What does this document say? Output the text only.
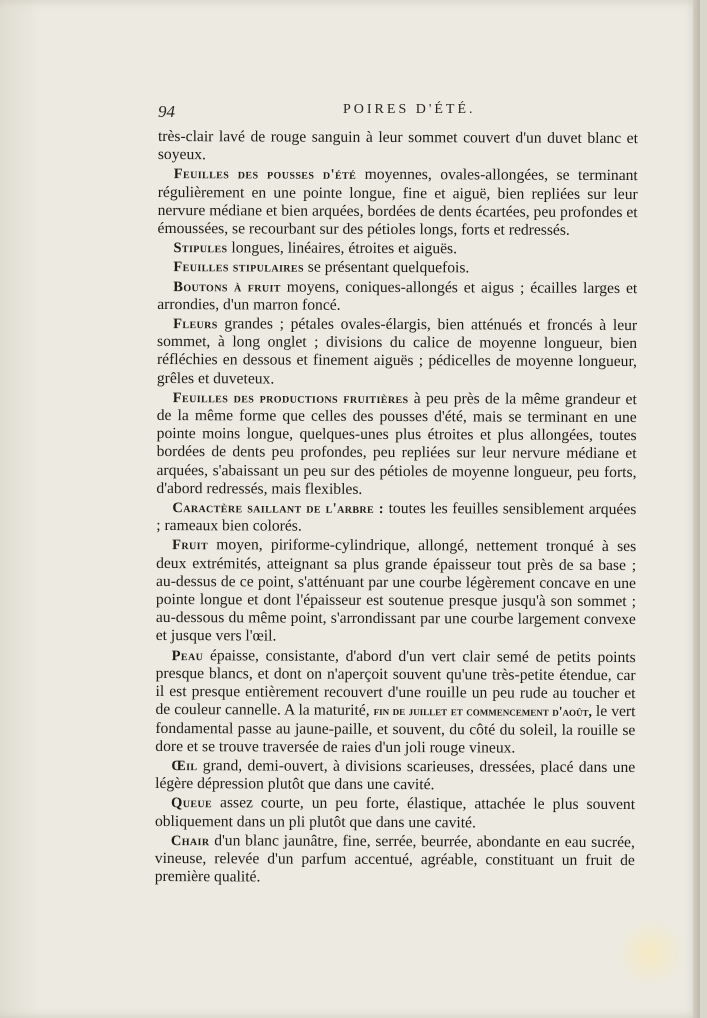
94	POIRES D'ÉTÉ.

très-clair lavé de rouge sanguin à leur sommet couvert d'un duvet blanc et soyeux.

Feuilles des pousses d'été moyennes, ovales-allongées, se terminant régulièrement en une pointe longue, fine et aiguë, bien repliées sur leur nervure médiane et bien arquées, bordées de dents écartées, peu profondes et émoussées, se recourbant sur des pétioles longs, forts et redressés.

Stipules longues, linéaires, étroites et aiguës.

Feuilles stipulaires se présentant quelquefois.

Boutons à fruit moyens, coniques-allongés et aigus ; écailles larges et arrondies, d'un marron foncé.

Fleurs grandes ; pétales ovales-élargis, bien atténués et froncés à leur sommet, à long onglet ; divisions du calice de moyenne longueur, bien réfléchies en dessous et finement aiguës ; pédicelles de moyenne longueur, grêles et duveteux.

Feuilles des productions fruitières à peu près de la même grandeur et de la même forme que celles des pousses d'été, mais se terminant en une pointe moins longue, quelques-unes plus étroites et plus allongées, toutes bordées de dents peu profondes, peu repliées sur leur nervure médiane et arquées, s'abaissant un peu sur des pétioles de moyenne longueur, peu forts, d'abord redressés, mais flexibles.

Caractère saillant de l'arbre : toutes les feuilles sensiblement arquées ; rameaux bien colorés.

Fruit moyen, piriforme-cylindrique, allongé, nettement tronqué à ses deux extrémités, atteignant sa plus grande épaisseur tout près de sa base ; au-dessus de ce point, s'atténuant par une courbe légèrement concave en une pointe longue et dont l'épaisseur est soutenue presque jusqu'à son sommet ; au-dessous du même point, s'arrondissant par une courbe largement convexe et jusque vers l'œil.

Peau épaisse, consistante, d'abord d'un vert clair semé de petits points presque blancs, et dont on n'aperçoit souvent qu'une très-petite étendue, car il est presque entièrement recouvert d'une rouille un peu rude au toucher et de couleur cannelle. A la maturité, fin de juillet et commencement d'août, le vert fondamental passe au jaune-paille, et souvent, du côté du soleil, la rouille se dore et se trouve traversée de raies d'un joli rouge vineux.

Œil grand, demi-ouvert, à divisions scarieuses, dressées, placé dans une légère dépression plutôt que dans une cavité.

Queue assez courte, un peu forte, élastique, attachée le plus souvent obliquement dans un pli plutôt que dans une cavité.

Chair d'un blanc jaunâtre, fine, serrée, beurrée, abondante en eau sucrée, vineuse, relevée d'un parfum accentué, agréable, constituant un fruit de première qualité.
